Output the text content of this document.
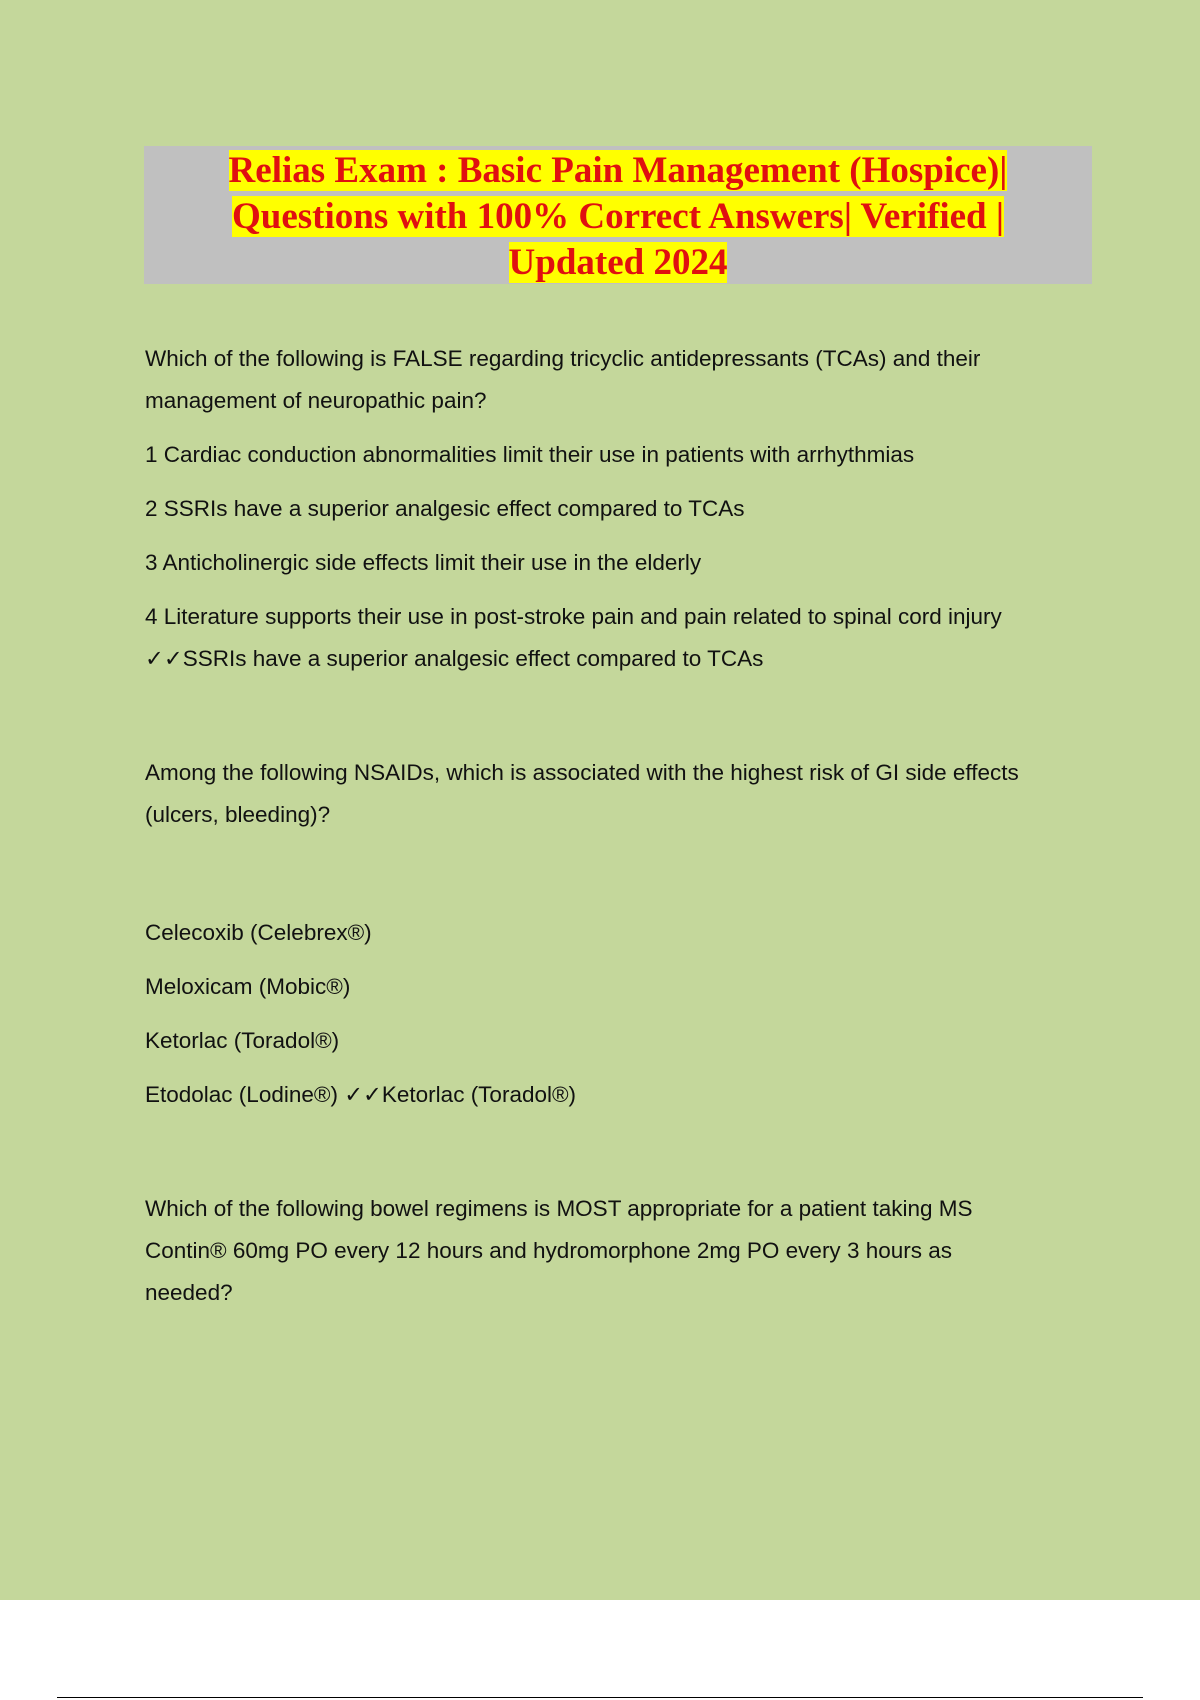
Relias Exam : Basic Pain Management (Hospice)|
Questions with 100% Correct Answers| Verified |
Updated 2024

Which of the following is FALSE regarding tricyclic antidepressants (TCAs) and their

management of neuropathic pain?

1 Cardiac conduction abnormalities limit their use in patients with arrhythmias

2 SSRIs have a superior analgesic effect compared to TCAs

3 Anticholinergic side effects limit their use in the elderly

4 Literature supports their use in post-stroke pain and pain related to spinal cord injury

✓✓SSRIs have a superior analgesic effect compared to TCAs

Among the following NSAIDs, which is associated with the highest risk of GI side effects

(ulcers, bleeding)?

Celecoxib (Celebrex®)

Meloxicam (Mobic®)

Ketorlac (Toradol®)

Etodolac (Lodine®) ✓✓Ketorlac (Toradol®)

Which of the following bowel regimens is MOST appropriate for a patient taking MS

Contin® 60mg PO every 12 hours and hydromorphone 2mg PO every 3 hours as

needed?
